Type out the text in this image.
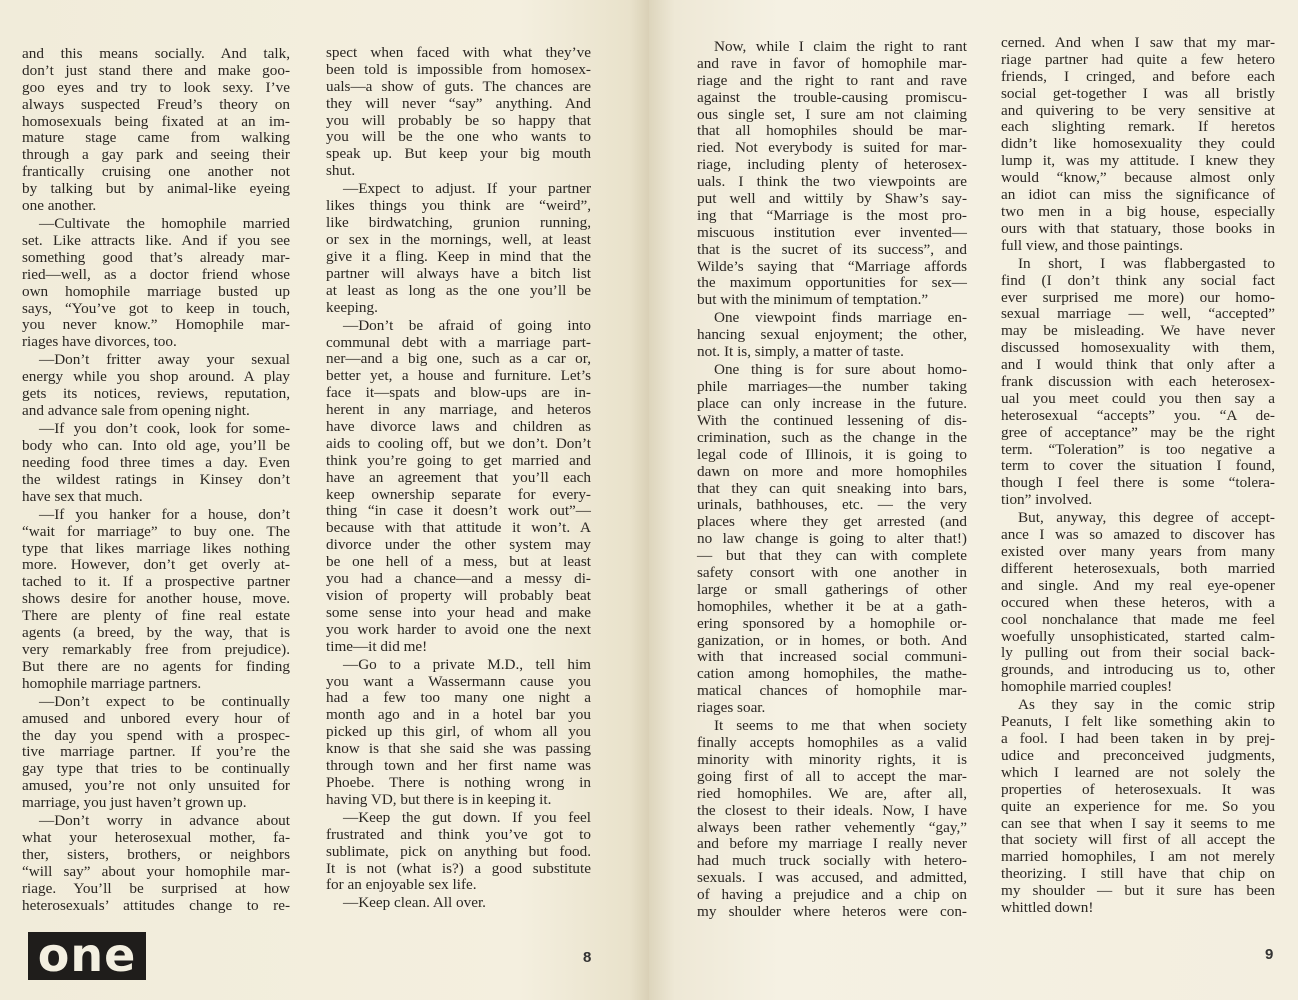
and this means socially. And talk,
don’t just stand there and make goo-
goo eyes and try to look sexy. I’ve
always suspected Freud’s theory on
homosexuals being fixated at an im-
mature stage came from walking
through a gay park and seeing their
frantically cruising one another not
by talking but by animal-like eyeing
one another.
—Cultivate the homophile married
set. Like attracts like. And if you see
something good that’s already mar-
ried—well, as a doctor friend whose
own homophile marriage busted up
says, “You’ve got to keep in touch,
you never know.” Homophile mar-
riages have divorces, too.
—Don’t fritter away your sexual
energy while you shop around. A play
gets its notices, reviews, reputation,
and advance sale from opening night.
—If you don’t cook, look for some-
body who can. Into old age, you’ll be
needing food three times a day. Even
the wildest ratings in Kinsey don’t
have sex that much.
—If you hanker for a house, don’t
“wait for marriage” to buy one. The
type that likes marriage likes nothing
more. However, don’t get overly at-
tached to it. If a prospective partner
shows desire for another house, move.
There are plenty of fine real estate
agents (a breed, by the way, that is
very remarkably free from prejudice).
But there are no agents for finding
homophile marriage partners.
—Don’t expect to be continually
amused and unbored every hour of
the day you spend with a prospec-
tive marriage partner. If you’re the
gay type that tries to be continually
amused, you’re not only unsuited for
marriage, you just haven’t grown up.
—Don’t worry in advance about
what your heterosexual mother, fa-
ther, sisters, brothers, or neighbors
“will say” about your homophile mar-
riage. You’ll be surprised at how
heterosexuals’ attitudes change to re-
spect when faced with what they’ve
been told is impossible from homosex-
uals—a show of guts. The chances are
they will never “say” anything. And
you will probably be so happy that
you will be the one who wants to
speak up. But keep your big mouth
shut.
—Expect to adjust. If your partner
likes things you think are “weird”,
like birdwatching, grunion running,
or sex in the mornings, well, at least
give it a fling. Keep in mind that the
partner will always have a bitch list
at least as long as the one you’ll be
keeping.
—Don’t be afraid of going into
communal debt with a marriage part-
ner—and a big one, such as a car or,
better yet, a house and furniture. Let’s
face it—spats and blow-ups are in-
herent in any marriage, and heteros
have divorce laws and children as
aids to cooling off, but we don’t. Don’t
think you’re going to get married and
have an agreement that you’ll each
keep ownership separate for every-
thing “in case it doesn’t work out”—
because with that attitude it won’t. A
divorce under the other system may
be one hell of a mess, but at least
you had a chance—and a messy di-
vision of property will probably beat
some sense into your head and make
you work harder to avoid one the next
time—it did me!
—Go to a private M.D., tell him
you want a Wassermann cause you
had a few too many one night a
month ago and in a hotel bar you
picked up this girl, of whom all you
know is that she said she was passing
through town and her first name was
Phoebe. There is nothing wrong in
having VD, but there is in keeping it.
—Keep the gut down. If you feel
frustrated and think you’ve got to
sublimate, pick on anything but food.
It is not (what is?) a good substitute
for an enjoyable sex life.
—Keep clean. All over.
Now, while I claim the right to rant
and rave in favor of homophile mar-
riage and the right to rant and rave
against the trouble-causing promiscu-
ous single set, I sure am not claiming
that all homophiles should be mar-
ried. Not everybody is suited for mar-
riage, including plenty of heterosex-
uals. I think the two viewpoints are
put well and wittily by Shaw’s say-
ing that “Marriage is the most pro-
miscuous institution ever invented—
that is the sucret of its success”, and
Wilde’s saying that “Marriage affords
the maximum opportunities for sex—
but with the minimum of temptation.”
One viewpoint finds marriage en-
hancing sexual enjoyment; the other,
not. It is, simply, a matter of taste.
One thing is for sure about homo-
phile marriages—the number taking
place can only increase in the future.
With the continued lessening of dis-
crimination, such as the change in the
legal code of Illinois, it is going to
dawn on more and more homophiles
that they can quit sneaking into bars,
urinals, bathhouses, etc. — the very
places where they get arrested (and
no law change is going to alter that!)
— but that they can with complete
safety consort with one another in
large or small gatherings of other
homophiles, whether it be at a gath-
ering sponsored by a homophile or-
ganization, or in homes, or both. And
with that increased social communi-
cation among homophiles, the mathe-
matical chances of homophile mar-
riages soar.
It seems to me that when society
finally accepts homophiles as a valid
minority with minority rights, it is
going first of all to accept the mar-
ried homophiles. We are, after all,
the closest to their ideals. Now, I have
always been rather vehemently “gay,”
and before my marriage I really never
had much truck socially with hetero-
sexuals. I was accused, and admitted,
of having a prejudice and a chip on
my shoulder where heteros were con-
cerned. And when I saw that my mar-
riage partner had quite a few hetero
friends, I cringed, and before each
social get-together I was all bristly
and quivering to be very sensitive at
each slighting remark. If heretos
didn’t like homosexuality they could
lump it, was my attitude. I knew they
would “know,” because almost only
an idiot can miss the significance of
two men in a big house, especially
ours with that statuary, those books in
full view, and those paintings.
In short, I was flabbergasted to
find (I don’t think any social fact
ever surprised me more) our homo-
sexual marriage — well, “accepted”
may be misleading. We have never
discussed homosexuality with them,
and I would think that only after a
frank discussion with each heterosex-
ual you meet could you then say a
heterosexual “accepts” you. “A de-
gree of acceptance” may be the right
term. “Toleration” is too negative a
term to cover the situation I found,
though I feel there is some “tolera-
tion” involved.
But, anyway, this degree of accept-
ance I was so amazed to discover has
existed over many years from many
different heterosexuals, both married
and single. And my real eye-opener
occured when these heteros, with a
cool nonchalance that made me feel
woefully unsophisticated, started calm-
ly pulling out from their social back-
grounds, and introducing us to, other
homophile married couples!
As they say in the comic strip
Peanuts, I felt like something akin to
a fool. I had been taken in by prej-
udice and preconceived judgments,
which I learned are not solely the
properties of heterosexuals. It was
quite an experience for me. So you
can see that when I say it seems to me
that society will first of all accept the
married homophiles, I am not merely
theorizing. I still have that chip on
my shoulder — but it sure has been
whittled down!
one	8	9
